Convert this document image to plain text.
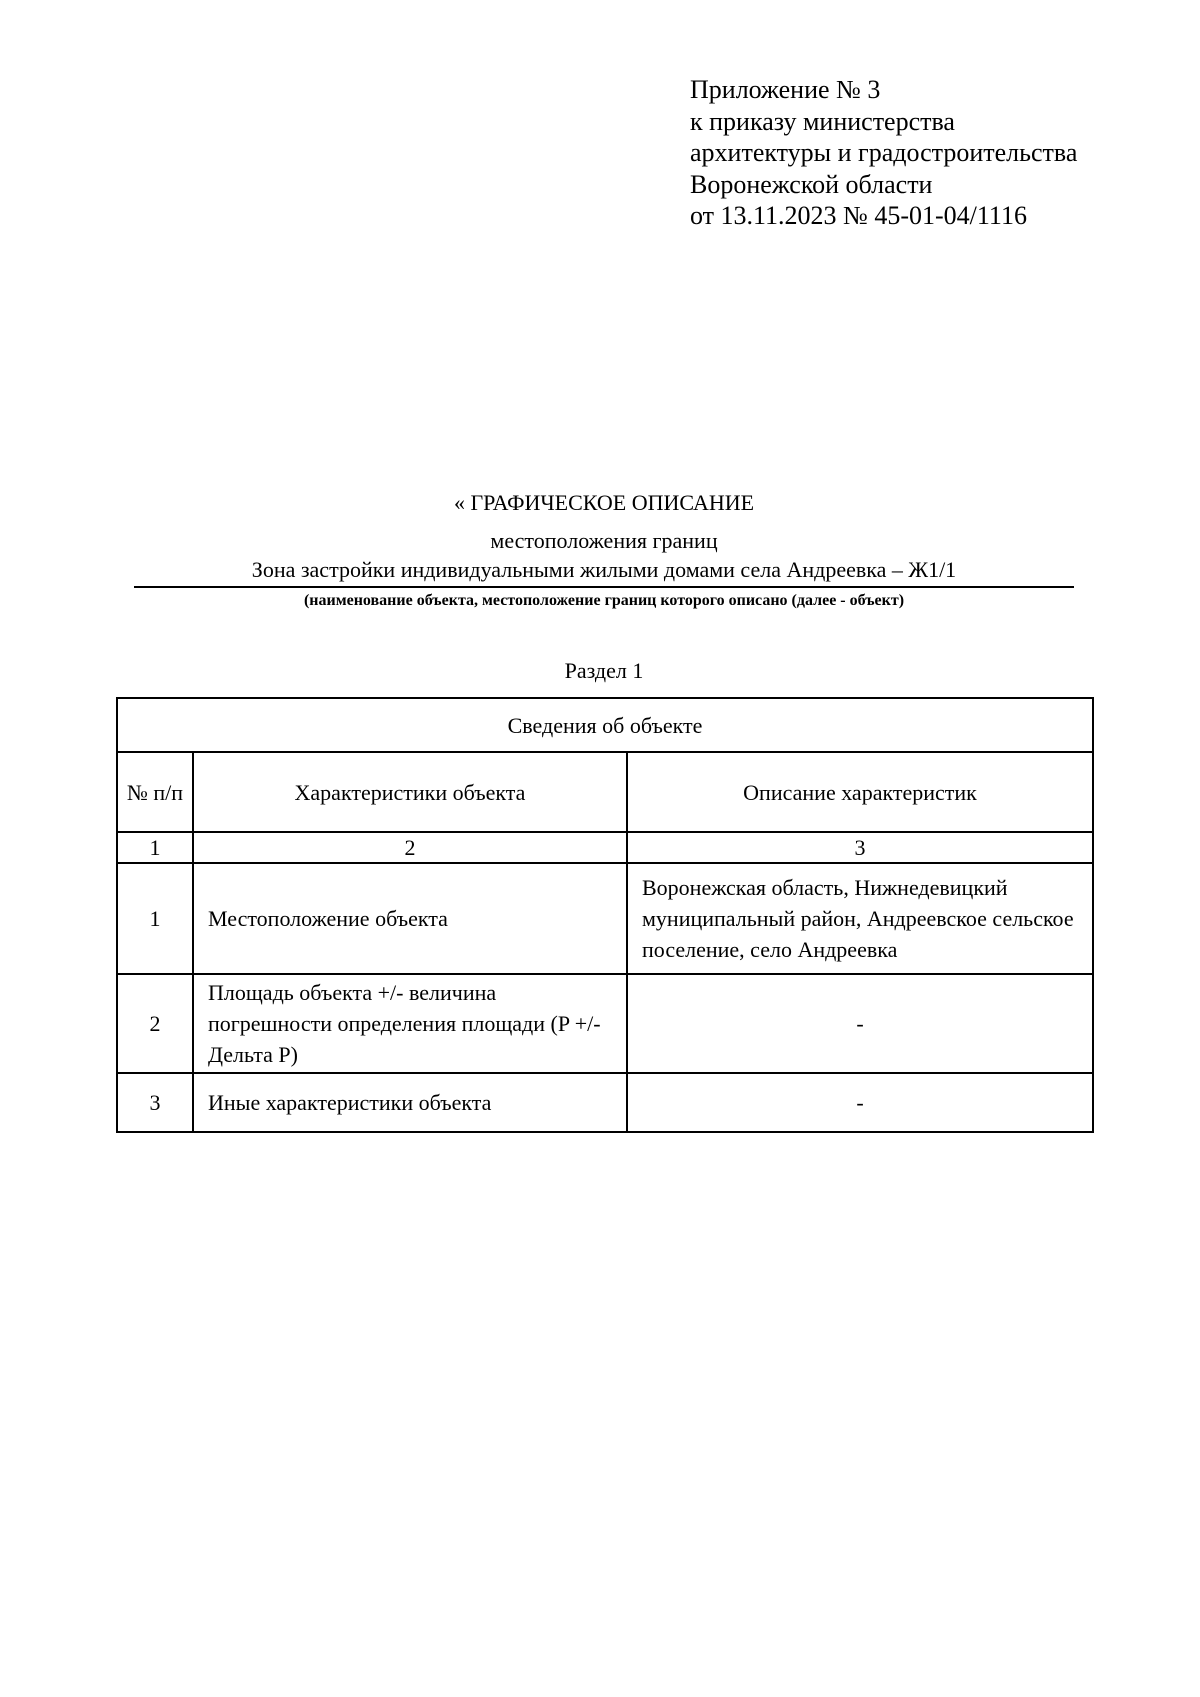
Приложение № 3
к приказу министерства
архитектуры и градостроительства
Воронежской области
от 13.11.2023 № 45-01-04/1116
« ГРАФИЧЕСКОЕ ОПИСАНИЕ
местоположения границ
Зона застройки индивидуальными жилыми домами села Андреевка – Ж1/1
(наименование объекта, местоположение границ которого описано (далее - объект)
Раздел 1
Сведения об объекте		
№ п/п	Характеристики объекта	Описание характеристик
1	2	3
1	Местоположение объекта	Воронежская область, Нижнедевицкий муниципальный район, Андреевское сельское поселение, село Андреевка
2	Площадь объекта +/- величина погрешности определения площади (P +/- Дельта P)	-
3	Иные характеристики объекта	-
